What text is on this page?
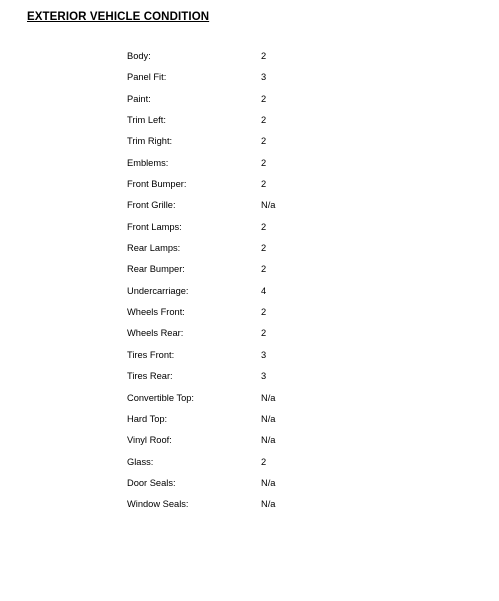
EXTERIOR VEHICLE CONDITION
Body:	2
Panel Fit:	3
Paint:	2
Trim Left:	2
Trim Right:	2
Emblems:	2
Front Bumper:	2
Front Grille:	N/a
Front Lamps:	2
Rear Lamps:	2
Rear Bumper:	2
Undercarriage:	4
Wheels Front:	2
Wheels Rear:	2
Tires Front:	3
Tires Rear:	3
Convertible Top:	N/a
Hard Top:	N/a
Vinyl Roof:	N/a
Glass:	2
Door Seals:	N/a
Window Seals:	N/a
